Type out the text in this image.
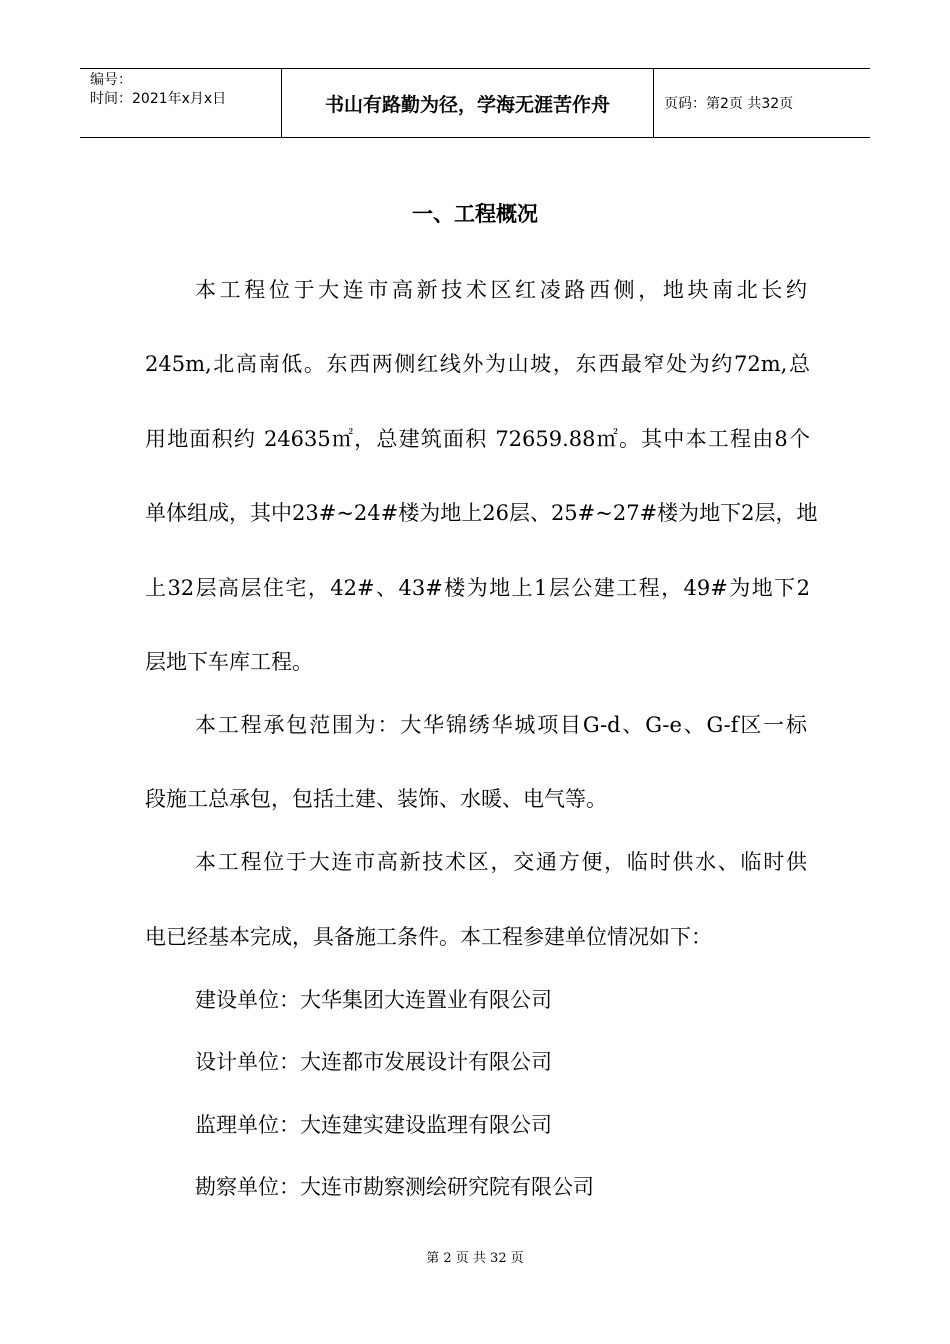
编号：
时间：2021年x月x日	书山有路勤为径，学海无涯苦作舟	页码：第2页 共32页
一、工程概况
本工程位于大连市高新技术区红凌路西侧，地块南北长约
245m,北高南低。东西两侧红线外为山坡，东西最窄处为约72m,总
用地面积约 24635㎡，总建筑面积 72659.88㎡。其中本工程由8个
单体组成，其中23#~24#楼为地上26层、25#~27#楼为地下2层，地
上32层高层住宅，42#、43#楼为地上1层公建工程，49#为地下2
层地下车库工程。
本工程承包范围为：大华锦绣华城项目G-d、G-e、G-f区一标
段施工总承包，包括土建、装饰、水暖、电气等。
本工程位于大连市高新技术区，交通方便，临时供水、临时供
电已经基本完成，具备施工条件。本工程参建单位情况如下：
建设单位：大华集团大连置业有限公司
设计单位：大连都市发展设计有限公司
监理单位：大连建实建设监理有限公司
勘察单位：大连市勘察测绘研究院有限公司
第 2 页 共 32 页
